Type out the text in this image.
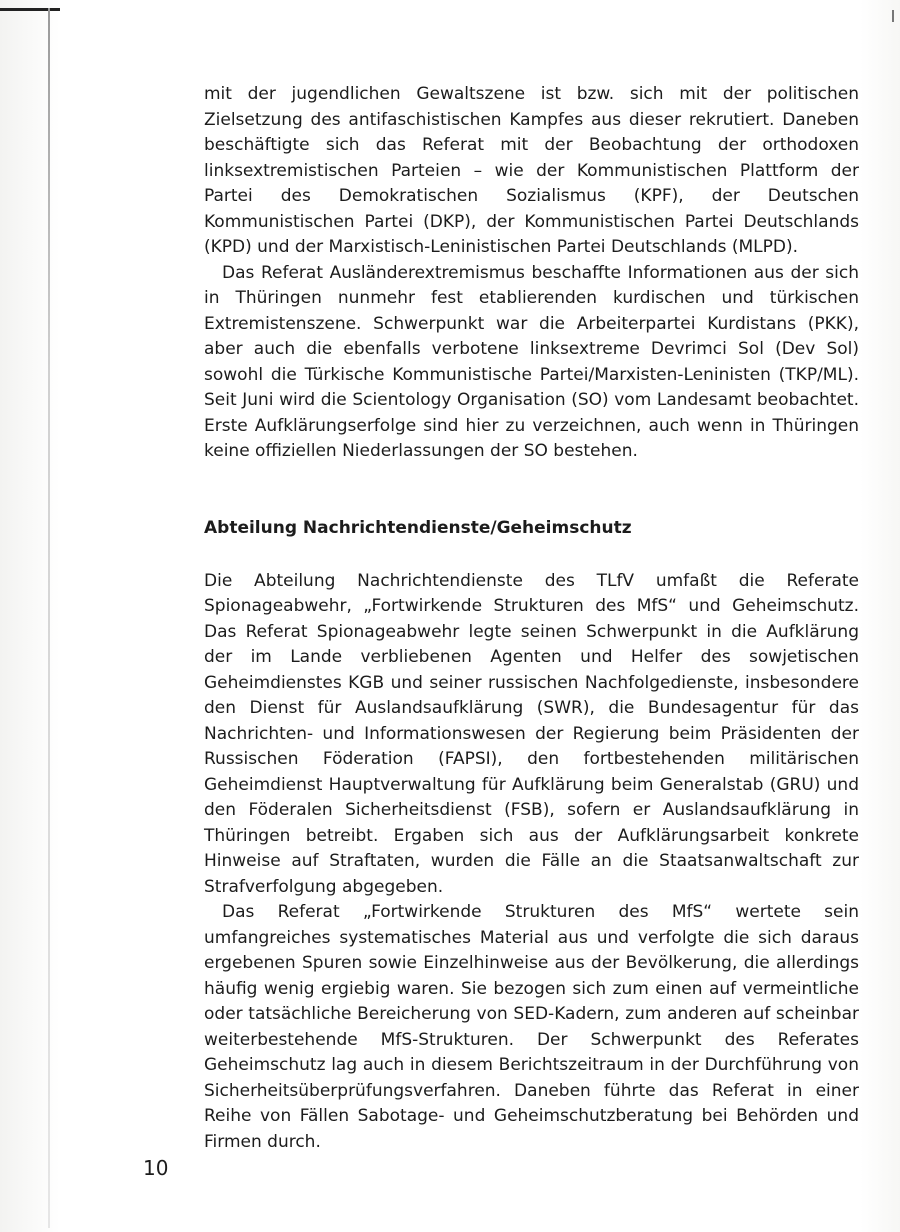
mit der jugendlichen Gewaltszene ist bzw. sich mit der politischen Zielsetzung des antifaschistischen Kampfes aus dieser rekrutiert. Daneben beschäftigte sich das Referat mit der Beobachtung der orthodoxen linksextremistischen Parteien – wie der Kommunistischen Plattform der Partei des Demokratischen Sozialismus (KPF), der Deutschen Kommunistischen Partei (DKP), der Kommunistischen Partei Deutschlands (KPD) und der Marxistisch-Leninistischen Partei Deutschlands (MLPD).

Das Referat Ausländerextremismus beschaffte Informationen aus der sich in Thüringen nunmehr fest etablierenden kurdischen und türkischen Extremistenszene. Schwerpunkt war die Arbeiterpartei Kurdistans (PKK), aber auch die ebenfalls verbotene linksextreme Devrimci Sol (Dev Sol) sowohl die Türkische Kommunistische Partei/Marxisten-Leninisten (TKP/ML). Seit Juni wird die Scientology Organisation (SO) vom Landesamt beobachtet. Erste Aufklärungserfolge sind hier zu verzeichnen, auch wenn in Thüringen keine offiziellen Niederlassungen der SO bestehen.

Abteilung Nachrichtendienste/Geheimschutz

Die Abteilung Nachrichtendienste des TLfV umfaßt die Referate Spionageabwehr, „Fortwirkende Strukturen des MfS“ und Geheimschutz. Das Referat Spionageabwehr legte seinen Schwerpunkt in die Aufklärung der im Lande verbliebenen Agenten und Helfer des sowjetischen Geheimdienstes KGB und seiner russischen Nachfolgedienste, insbesondere den Dienst für Auslandsaufklärung (SWR), die Bundesagentur für das Nachrichten- und Informationswesen der Regierung beim Präsidenten der Russischen Föderation (FAPSI), den fortbestehenden militärischen Geheimdienst Hauptverwaltung für Aufklärung beim Generalstab (GRU) und den Föderalen Sicherheitsdienst (FSB), sofern er Auslandsaufklärung in Thüringen betreibt. Ergaben sich aus der Aufklärungsarbeit konkrete Hinweise auf Straftaten, wurden die Fälle an die Staatsanwaltschaft zur Strafverfolgung abgegeben.

Das Referat „Fortwirkende Strukturen des MfS“ wertete sein umfangreiches systematisches Material aus und verfolgte die sich daraus ergebenen Spuren sowie Einzelhinweise aus der Bevölkerung, die allerdings häufig wenig ergiebig waren. Sie bezogen sich zum einen auf vermeintliche oder tatsächliche Bereicherung von SED-Kadern, zum anderen auf scheinbar weiterbestehende MfS-Strukturen. Der Schwerpunkt des Referates Geheimschutz lag auch in diesem Berichtszeitraum in der Durchführung von Sicherheitsüberprüfungsverfahren. Daneben führte das Referat in einer Reihe von Fällen Sabotage- und Geheimschutzberatung bei Behörden und Firmen durch.

10
